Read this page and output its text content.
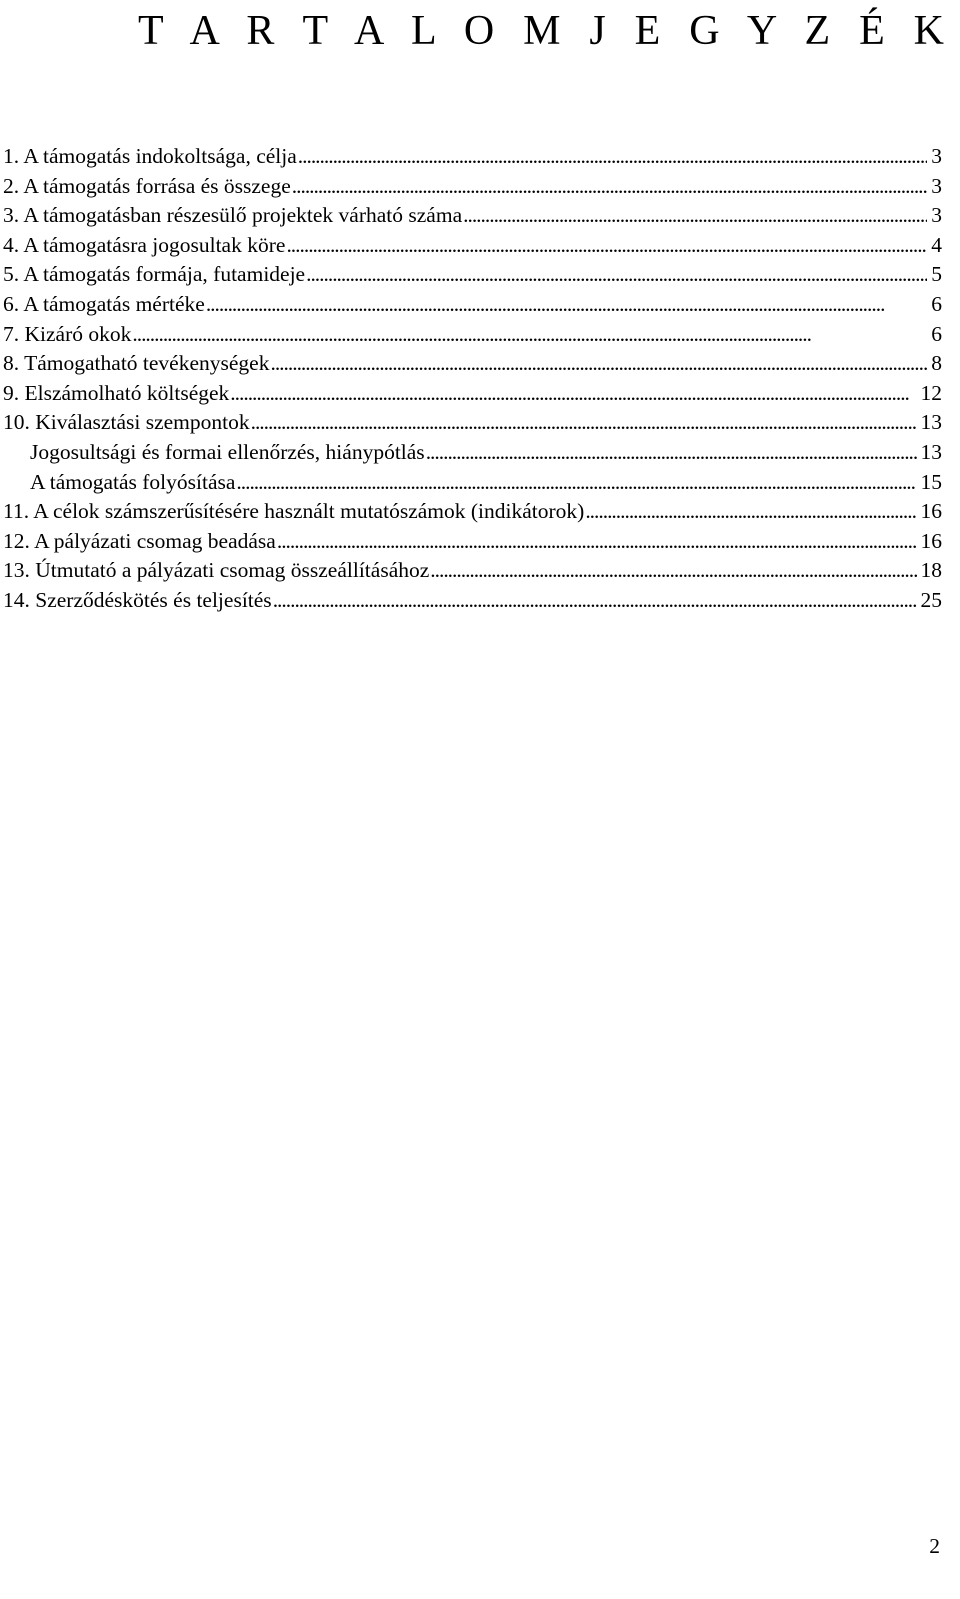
T A R T A L O M J E G Y Z É K
1. A támogatás indokoltsága, célja . . .	3
2. A támogatás forrása és összege . . .	3
3. A támogatásban részesülő projektek várható száma . . .	3
4. A támogatásra jogosultak köre . . .	4
5. A támogatás formája, futamideje . . .	5
6. A támogatás mértéke . . .	6
7. Kizáró okok . . .	6
8. Támogatható tevékenységek . . .	8
9. Elszámolható költségek . . .	12
10. Kiválasztási szempontok . . .	13
Jogosultsági és formai ellenőrzés, hiánypótlás . . .	13
A támogatás folyósítása . . .	15
11. A célok számszerűsítésére használt mutatószámok (indikátorok) . . .	16
12. A pályázati csomag beadása . . .	16
13. Útmutató a pályázati csomag összeállításához . . .	18
14. Szerződéskötés és teljesítés . . .	25
2
